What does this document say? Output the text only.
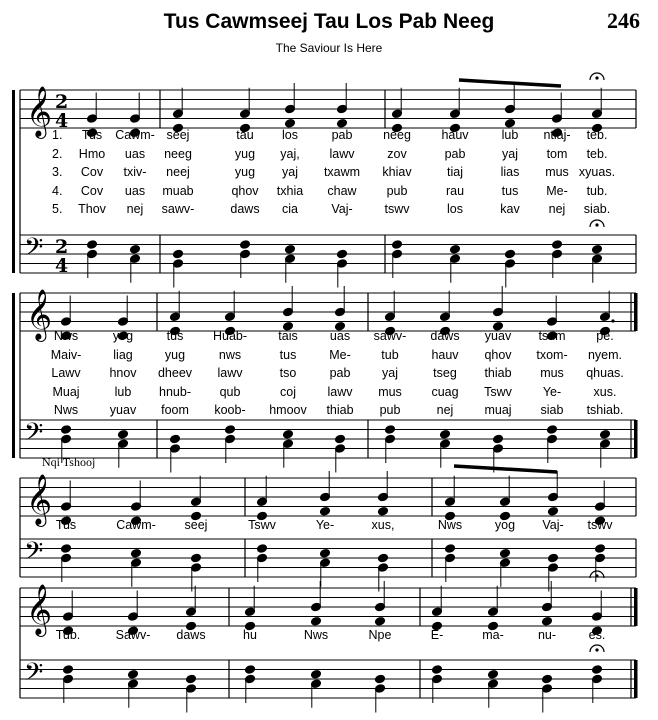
Tus Cawmseej Tau Los Pab Neeg
The Saviour Is Here
246
Nqi Tshooj
𝄞
𝄢
2
4
2
4
𝄞
𝄢
𝄞
𝄢
𝄞
𝄢
1.
2.
3.
4.
5.
Tus
Hmo
Cov
Cov
Thov
Cawm-
uas
txiv-
uas
nej
seej
neeg
neej
muab
sawv-
tau
yug
yug
qhov
daws
los
yaj,
yaj
txhia
cia
pab
lawv
txawm
chaw
Vaj-
neeg
zov
khiav
pub
tswv
hauv
pab
tiaj
rau
los
lub
yaj
lias
tus
kav
ntiaj-
tom
mus
Me-
nej
teb.
teb.
xyuas.
tub.
siab.
Nws
Maiv-
Lawv
Muaj
Nws
yog
liag
hnov
lub
yuav
tus
yug
dheev
hnub-
foom
Huab-
nws
lawv
qub
koob-
tais
tus
tso
coj
hmoov
uas
Me-
pab
lawv
thiab
sawv-
tub
yaj
mus
pub
daws
hauv
tseg
cuag
nej
yuav
qhov
thiab
Tswv
muaj
tsum
txom-
mus
Ye-
siab
pe.
nyem.
qhuas.
xus.
tshiab.
Tus	Cawm- seej	Tswv	Ye-	xus,	Nws	yog Vaj- tswv
Tub.	Sawv- daws	hu	Nws	Npe	E-	ma-	nu-	es.
